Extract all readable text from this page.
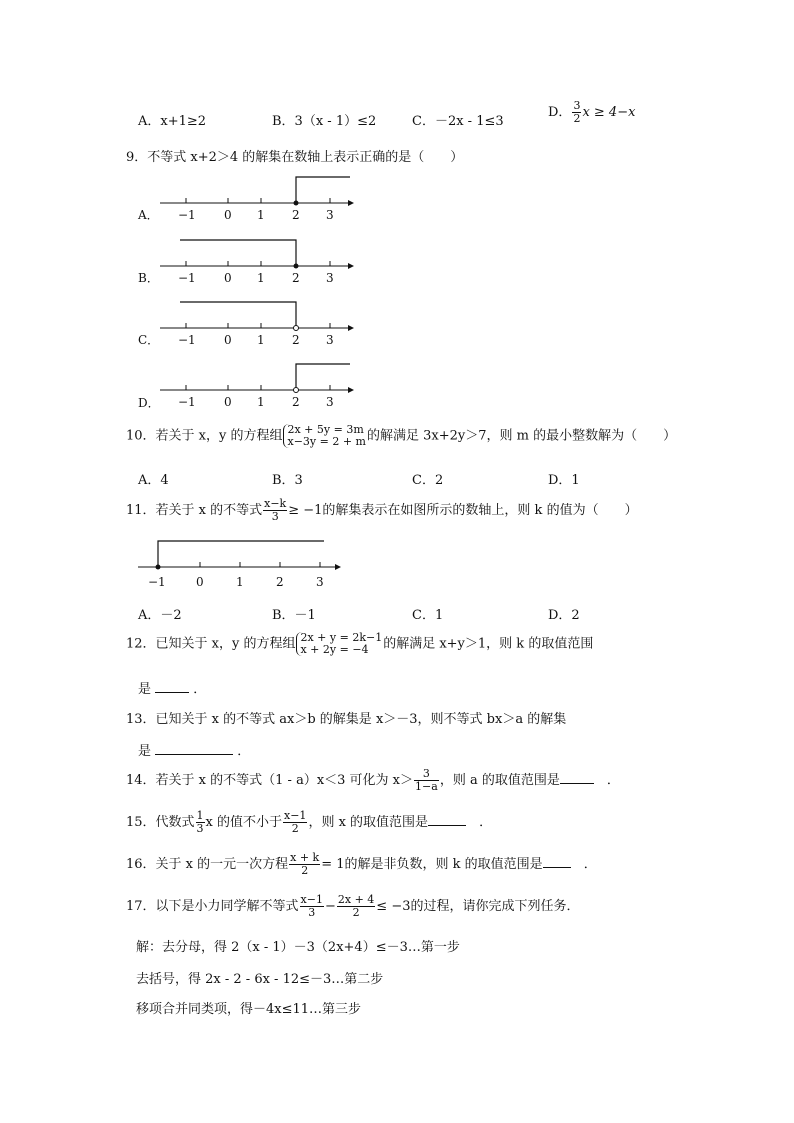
A．x+1≥2	B．3（x - 1）≤2	C．－2x - 1≤3
D． $\frac{3}{2}$ x ≥ 4−x
9．不等式 x+2＞4 的解集在数轴上表示正确的是（　　）
A． −1 0 1 2 3
B． −1 0 1 2 3
C． −1 0 1 2 3
D． −1 0 1 2 3
10．若关于 x，y 的方程组 2x + 5y = 3m
x−3y = 2 + m 的解满足 3x+2y＞7，则 m 的最小整数解为（　　）
A．4	B．3	C．2	D．1
11．若关于 x 的不等式 $\frac{x-k}{3} \ge -1$的解集表示在如图所示的数轴上，则 k 的值为（　　）
−1	0	1	2	3
A．－2	B．－1	C．1	D．2
12．已知关于 x，y 的方程组 2x + y = 2k−1
x + 2y = −4	的解满足 x+y＞1，则 k 的取值范围
是	．
13．已知关于 x 的不等式 ax＞b 的解集是 x＞－3，则不等式 bx＞a 的解集
是	．
14．若关于 x 的不等式（1 - a）x＜3 可化为 $x> \frac{3}{1-a}$ ，则 a 的取值范围是　	．
15．代数式 $\frac{1}{3}$ x 的值不小于 $\frac{x-1}{2}$ ，则 x 的取值范围是　	．
16．关于 x 的一元一次方程 $\frac{x + k}{2} = 1$的解是非负数，则 k 的取值范围是　	．
17．以下是小力同学解不等式 $\frac{x-1}{3} - \frac{2x + 4}{2} \le -3$的过程，请你完成下列任务．
解：去分母，得 2（x - 1）－3（2x+4）≤－3…第一步
去括号，得 2x - 2 - 6x - 12≤－3…第二步
移项合并同类项，得－4x≤11…第三步
